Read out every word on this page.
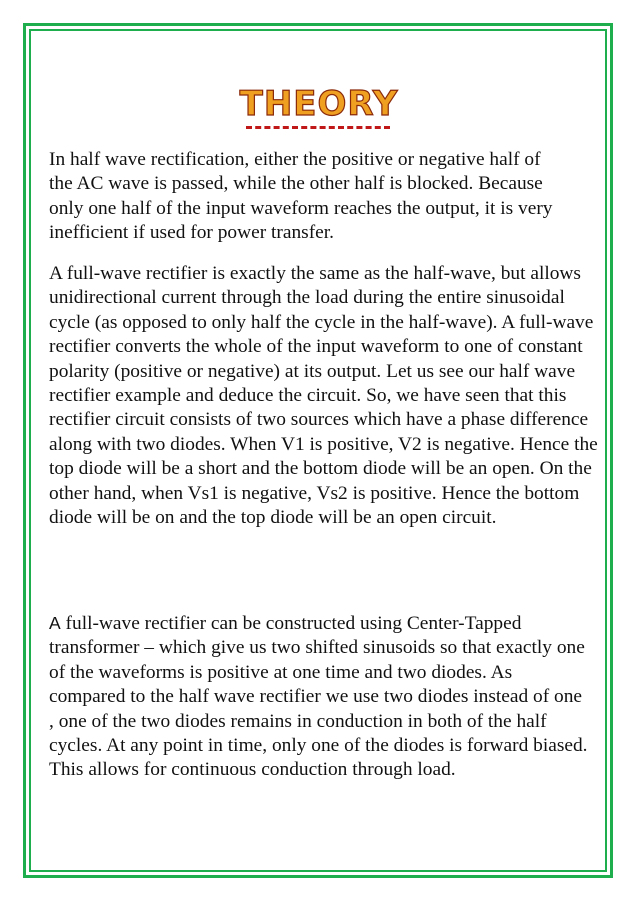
THEORY

In half wave rectification, either the positive or negative half of the AC wave is passed, while the other half is blocked. Because only one half of the input waveform reaches the output, it is very inefficient if used for power transfer.

A full-wave rectifier is exactly the same as the half-wave, but allows unidirectional current through the load during the entire sinusoidal cycle (as opposed to only half the cycle in the half-wave). A full-wave rectifier converts the whole of the input waveform to one of constant polarity (positive or negative) at its output. Let us see our half wave rectifier example and deduce the circuit. So, we have seen that this rectifier circuit consists of two sources which have a phase difference along with two diodes. When V1 is positive, V2 is negative. Hence the top diode will be a short and the bottom diode will be an open. On the other hand, when Vs1 is negative, Vs2 is positive. Hence the bottom diode will be on and the top diode will be an open circuit.

A full-wave rectifier can be constructed using Center-Tapped transformer – which give us two shifted sinusoids so that exactly one of the waveforms is positive at one time and two diodes. As compared to the half wave rectifier we use two diodes instead of one , one of the two diodes remains in conduction in both of the half cycles. At any point in time, only one of the diodes is forward biased. This allows for continuous conduction through load.
